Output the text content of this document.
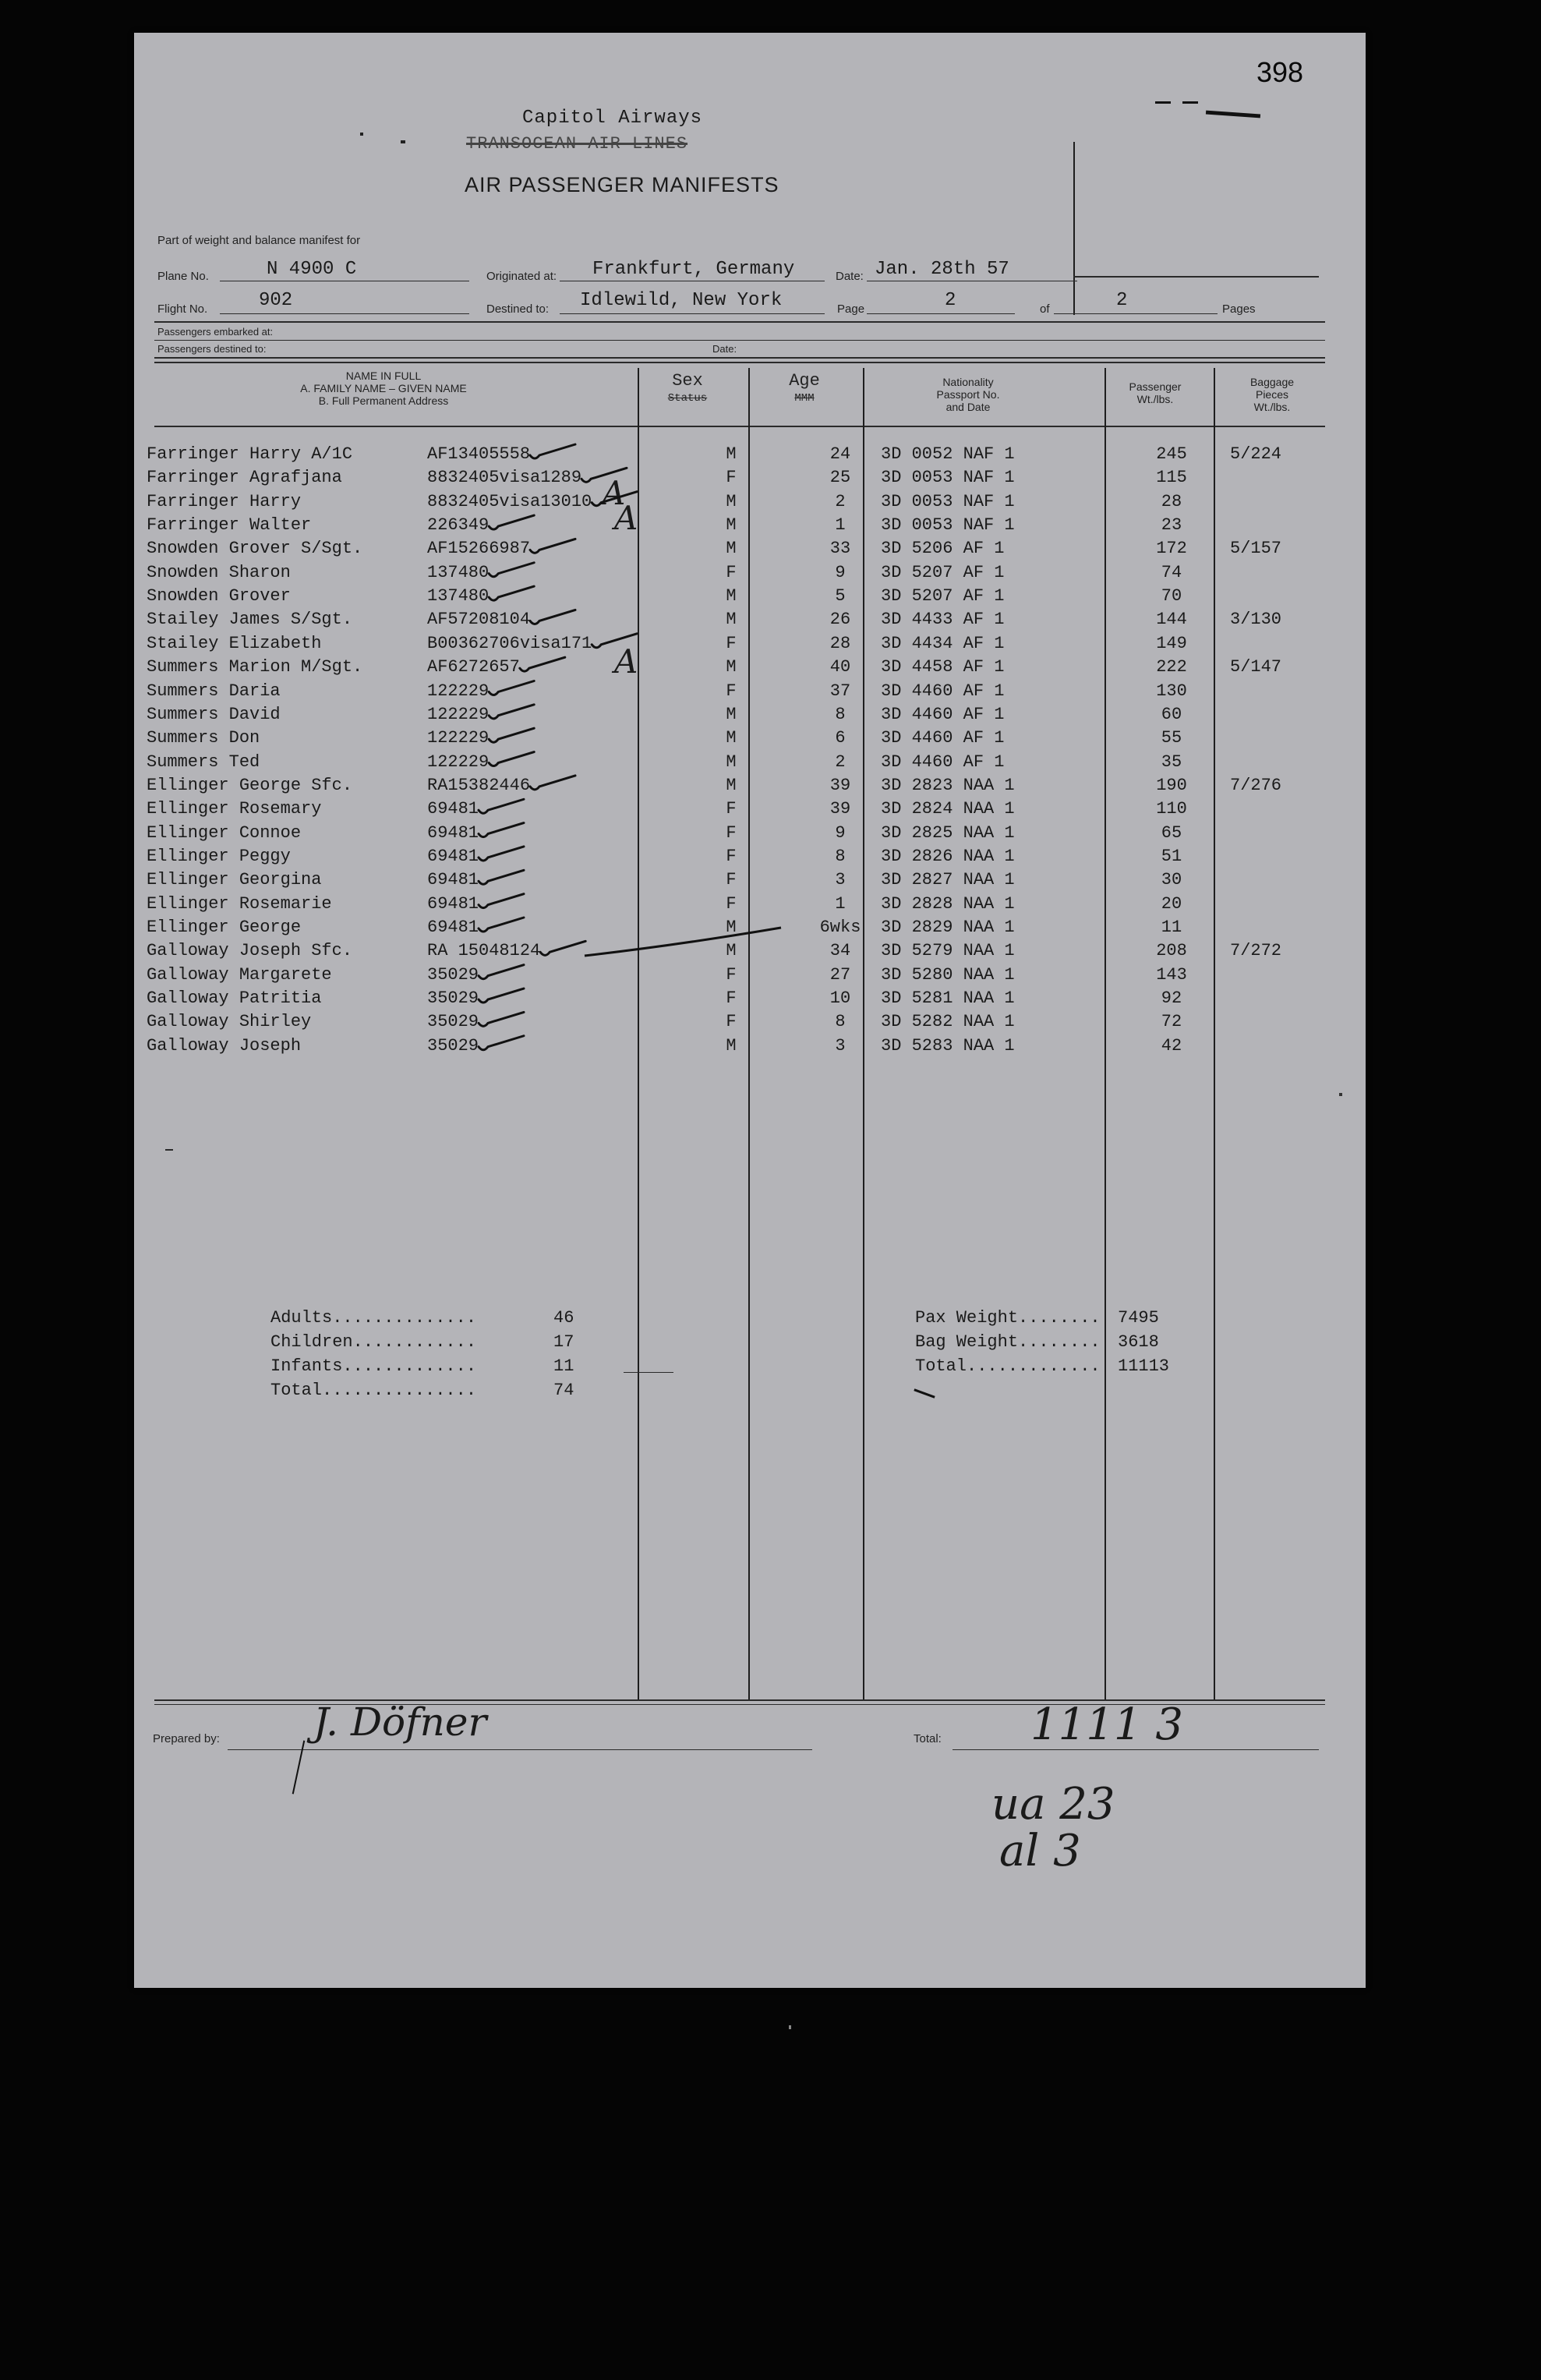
398
Capitol Airways
TRANSOCEAN AIR LINES
AIR PASSENGER MANIFESTS
Part of weight and balance manifest for
Plane No.	N 4900 C	Originated at: Frankfurt, Germany	Date: Jan. 28th 57
Flight No.	902	Destined to: Idlewild, New York	Page	2	of	2	Pages
Passengers embarked at:
Passengers destined to:	Date:
NAME IN FULL
A. FAMILY NAME – GIVEN NAME
B. Full Permanent Address
Sex
Status
Age
MMM
Nationality
Passport No.
and Date
Passenger
Wt./lbs.
Baggage
Pieces
Wt./lbs.
Farringer Harry A/1C	AF13405558	M	24	3D 0052 NAF 1	245	5/224
Farringer Agrafjana	8832405visa1289	F	25	3D 0053 NAF 1	115
Farringer Harry	8832405visa13010	M	2	3D 0053 NAF 1	28
Farringer Walter	226349	M	1	3D 0053 NAF 1	23
Snowden Grover S/Sgt.	AF15266987	M	33	3D 5206 AF 1	172	5/157
Snowden Sharon	137480	F	9	3D 5207 AF 1	74
Snowden Grover	137480	M	5	3D 5207 AF 1	70
Stailey James S/Sgt.	AF57208104	M	26	3D 4433 AF 1	144	3/130
Stailey Elizabeth	B00362706visa171	F	28	3D 4434 AF 1	149
Summers Marion M/Sgt.	AF6272657	M	40	3D 4458 AF 1	222	5/147
Summers Daria	122229	F	37	3D 4460 AF 1	130
Summers David	122229	M	8	3D 4460 AF 1	60
Summers Don	122229	M	6	3D 4460 AF 1	55
Summers Ted	122229	M	2	3D 4460 AF 1	35
Ellinger George Sfc.	RA15382446	M	39	3D 2823 NAA 1	190	7/276
Ellinger Rosemary	69481	F	39	3D 2824 NAA 1	110
Ellinger Connoe	69481	F	9	3D 2825 NAA 1	65
Ellinger Peggy	69481	F	8	3D 2826 NAA 1	51
Ellinger Georgina	69481	F	3	3D 2827 NAA 1	30
Ellinger Rosemarie	69481	F	1	3D 2828 NAA 1	20
Ellinger George	69481	M	6wks	3D 2829 NAA 1	11
Galloway Joseph Sfc.	RA 15048124	M	34	3D 5279 NAA 1	208	7/272
Galloway Margarete	35029	F	27	3D 5280 NAA 1	143
Galloway Patritia	35029	F	10	3D 5281 NAA 1	92
Galloway Shirley	35029	F	8	3D 5282 NAA 1	72
Galloway Joseph	35029	M	3	3D 5283 NAA 1	42
A
A
A
Adults..............	46
Children............	17
Infants.............	11
Total...............	74
Pax Weight........ 7495
Bag Weight........ 3618
Total............. 11113
Prepared by: J. Döfner	Total: 1111 3
ua 23
al 3
